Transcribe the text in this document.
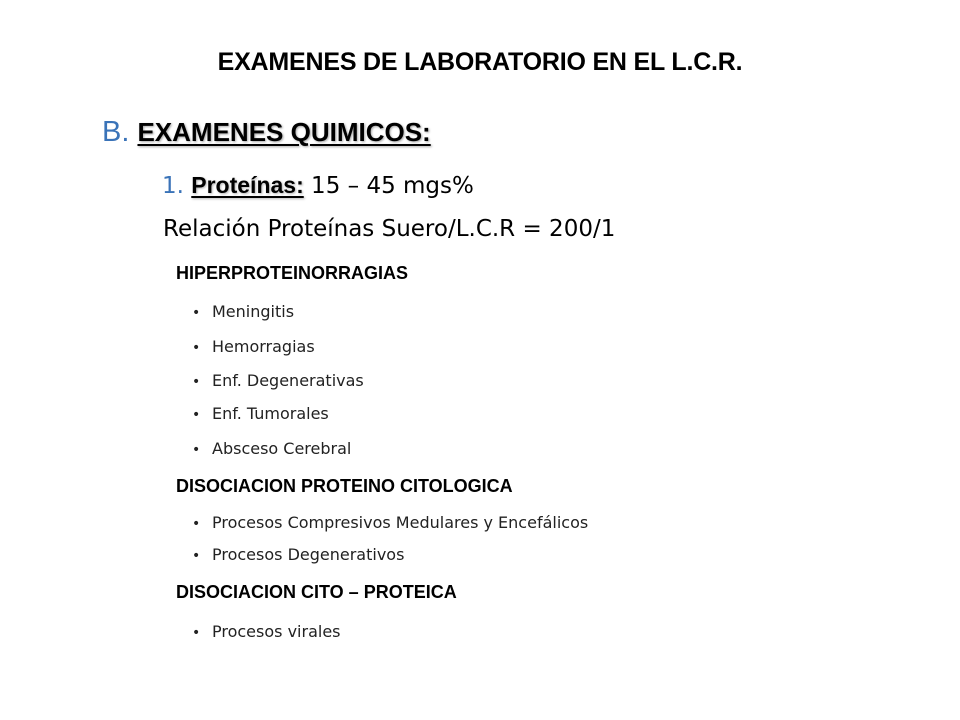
EXAMENES DE LABORATORIO EN EL L.C.R.
B. EXAMENES QUIMICOS:
1. Proteínas: 15 – 45 mgs%
Relación Proteínas Suero/L.C.R = 200/1
HIPERPROTEINORRAGIAS
• Meningitis
• Hemorragias
• Enf. Degenerativas
• Enf. Tumorales
• Absceso Cerebral
DISOCIACION PROTEINO CITOLOGICA
• Procesos Compresivos Medulares y Encefálicos
• Procesos Degenerativos
DISOCIACION CITO – PROTEICA
• Procesos virales
